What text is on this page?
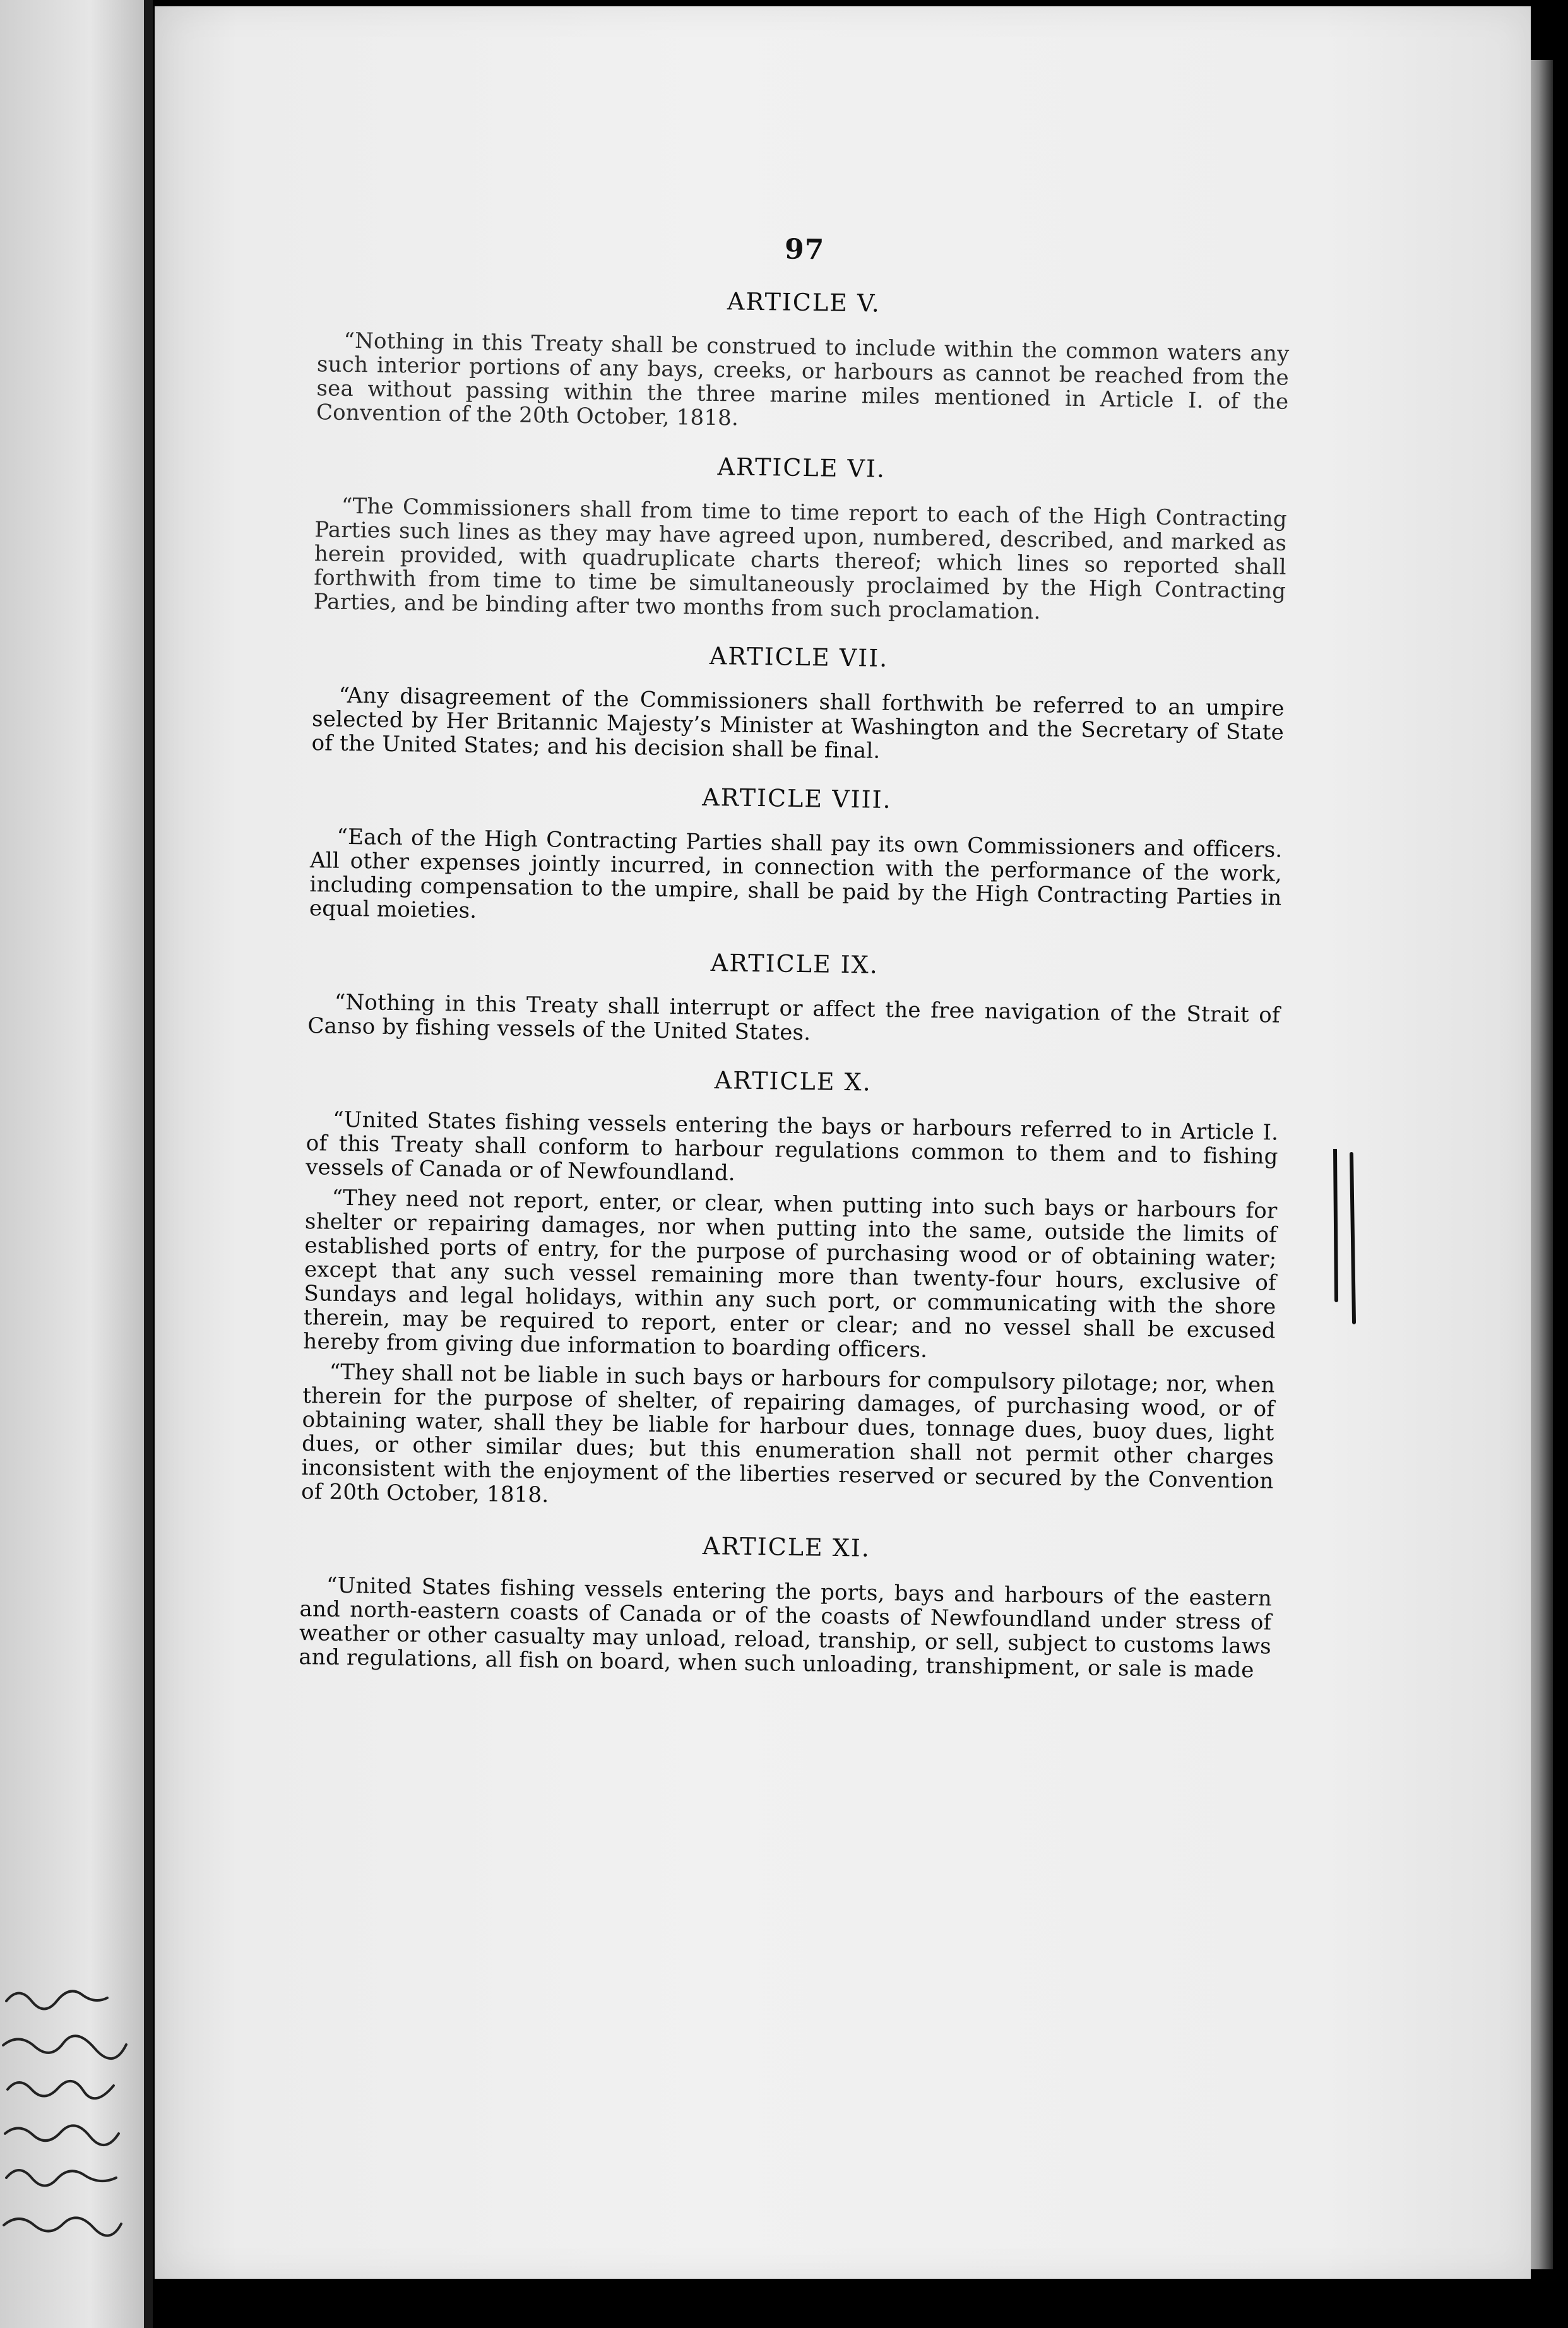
97
ARTICLE V.

“Nothing in this Treaty shall be construed to include within the common waters any such interior portions of any bays, creeks, or harbours as cannot be reached from the sea without passing within the three marine miles mentioned in Article I. of the Convention of the 20th October, 1818.

ARTICLE VI.

“The Commissioners shall from time to time report to each of the High Contracting Parties such lines as they may have agreed upon, numbered, described, and marked as herein provided, with quadruplicate charts thereof; which lines so reported shall forthwith from time to time be simultaneously proclaimed by the High Contracting Parties, and be binding after two months from such proclamation.

ARTICLE VII.

“Any disagreement of the Commissioners shall forthwith be referred to an umpire selected by Her Britannic Majesty’s Minister at Washington and the Secretary of State of the United States; and his decision shall be final.

ARTICLE VIII.

“Each of the High Contracting Parties shall pay its own Commissioners and officers. All other expenses jointly incurred, in connection with the performance of the work, including compensation to the umpire, shall be paid by the High Contracting Parties in equal moieties.

ARTICLE IX.

“Nothing in this Treaty shall interrupt or affect the free navigation of the Strait of Canso by fishing vessels of the United States.

ARTICLE X.

“United States fishing vessels entering the bays or harbours referred to in Article I. of this Treaty shall conform to harbour regulations common to them and to fishing vessels of Canada or of Newfoundland.

“They need not report, enter, or clear, when putting into such bays or harbours for shelter or repairing damages, nor when putting into the same, outside the limits of established ports of entry, for the purpose of purchasing wood or of obtaining water; except that any such vessel remaining more than twenty-four hours, exclusive of Sundays and legal holidays, within any such port, or communicating with the shore therein, may be required to report, enter or clear; and no vessel shall be excused hereby from giving due information to boarding officers.

“They shall not be liable in such bays or harbours for compulsory pilotage; nor, when therein for the purpose of shelter, of repairing damages, of purchasing wood, or of obtaining water, shall they be liable for harbour dues, tonnage dues, buoy dues, light dues, or other similar dues; but this enumeration shall not permit other charges inconsistent with the enjoyment of the liberties reserved or secured by the Convention of 20th October, 1818.

ARTICLE XI.

“United States fishing vessels entering the ports, bays and harbours of the eastern and north-eastern coasts of Canada or of the coasts of Newfoundland under stress of weather or other casualty may unload, reload, tranship, or sell, subject to customs laws and regulations, all fish on board, when such unloading, transhipment, or sale is made
